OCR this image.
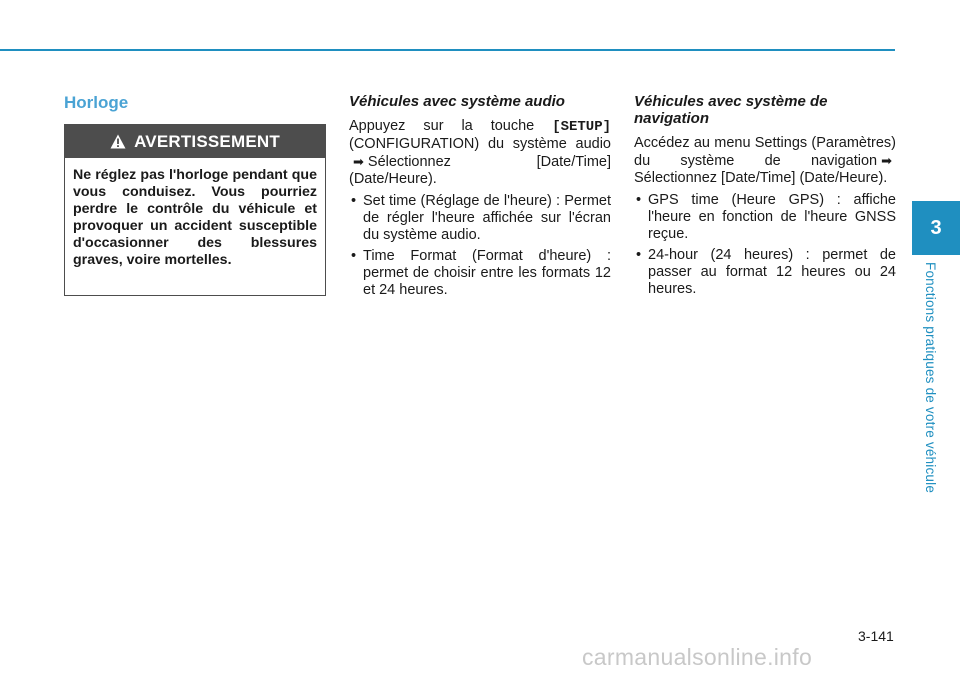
Horloge
AVERTISSEMENT

Ne réglez pas l'horloge pendant que vous conduisez. Vous pourriez perdre le contrôle du véhicule et provoquer un accident susceptible d'occasionner des blessures graves, voire mortelles.

Véhicules avec système audio

Appuyez sur la touche [SETUP] (CONFIGURATION) du système audio➡ Sélectionnez [Date/Time] (Date/Heure).

• Set time (Réglage de l'heure) : Permet de régler l'heure affichée sur l'écran du système audio.
• Time Format (Format d'heure) : permet de choisir entre les formats 12 et 24 heures.
Véhicules avec système de navigation

Accédez au menu Settings (Paramètres) du système de navigation ➡Sélectionnez [Date/Time] (Date/Heure).

• GPS time (Heure GPS) : affiche l'heure en fonction de l'heure GNSS reçue.
• 24-hour (24 heures) : permet de passer au format 12 heures ou 24 heures.
3
Fonctions pratiques de votre véhicule
3-141
carmanualsonline.info
